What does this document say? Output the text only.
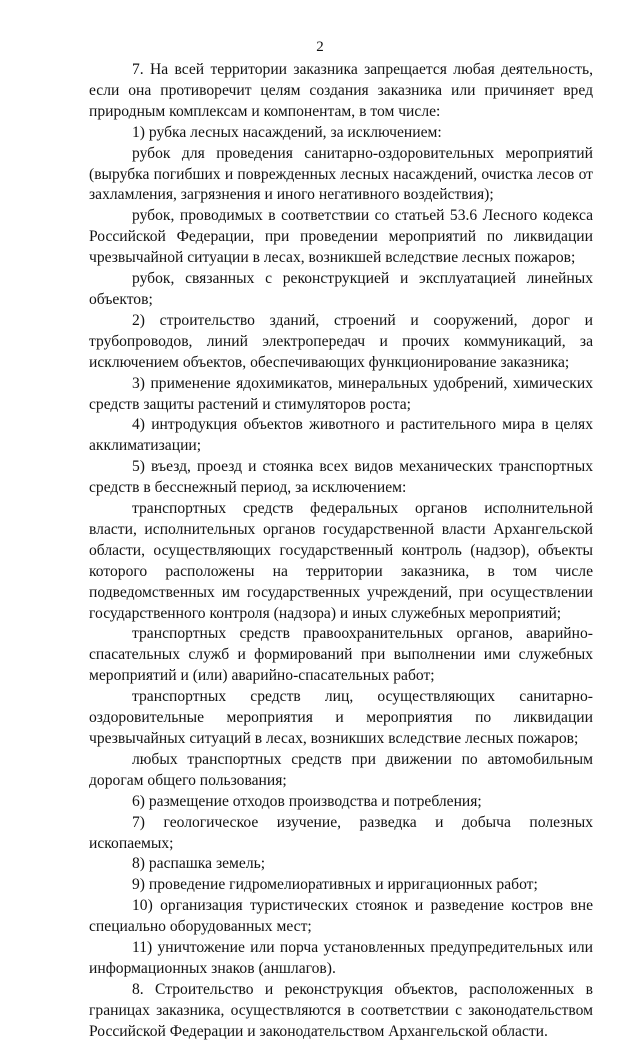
2

7. На всей территории заказника запрещается любая деятельность, если она противоречит целям создания заказника или причиняет вред природным комплексам и компонентам, в том числе:

1) рубка лесных насаждений, за исключением:

рубок для проведения санитарно-оздоровительных мероприятий (вырубка погибших и поврежденных лесных насаждений, очистка лесов от захламления, загрязнения и иного негативного воздействия);

рубок, проводимых в соответствии со статьей 53.6 Лесного кодекса Российской Федерации, при проведении мероприятий по ликвидации чрезвычайной ситуации в лесах, возникшей вследствие лесных пожаров;

рубок, связанных с реконструкцией и эксплуатацией линейных объектов;

2) строительство зданий, строений и сооружений, дорог и трубопроводов, линий электропередач и прочих коммуникаций, за исключением объектов, обеспечивающих функционирование заказника;

3) применение ядохимикатов, минеральных удобрений, химических средств защиты растений и стимуляторов роста;

4) интродукция объектов животного и растительного мира в целях акклиматизации;

5) въезд, проезд и стоянка всех видов механических транспортных средств в бесснежный период, за исключением:

транспортных средств федеральных органов исполнительной власти, исполнительных органов государственной власти Архангельской области, осуществляющих государственный контроль (надзор), объекты которого расположены на территории заказника, в том числе подведомственных им государственных учреждений, при осуществлении государственного контроля (надзора) и иных служебных мероприятий;

транспортных средств правоохранительных органов, аварийно-спасательных служб и формирований при выполнении ими служебных мероприятий и (или) аварийно-спасательных работ;

транспортных средств лиц, осуществляющих санитарно-оздоровительные мероприятия и мероприятия по ликвидации чрезвычайных ситуаций в лесах, возникших вследствие лесных пожаров;

любых транспортных средств при движении по автомобильным дорогам общего пользования;

6) размещение отходов производства и потребления;

7) геологическое изучение, разведка и добыча полезных ископаемых;

8) распашка земель;

9) проведение гидромелиоративных и ирригационных работ;

10) организация туристических стоянок и разведение костров вне специально оборудованных мест;

11) уничтожение или порча установленных предупредительных или информационных знаков (аншлагов).

8. Строительство и реконструкция объектов, расположенных в границах заказника, осуществляются в соответствии с законодательством Российской Федерации и законодательством Архангельской области.
